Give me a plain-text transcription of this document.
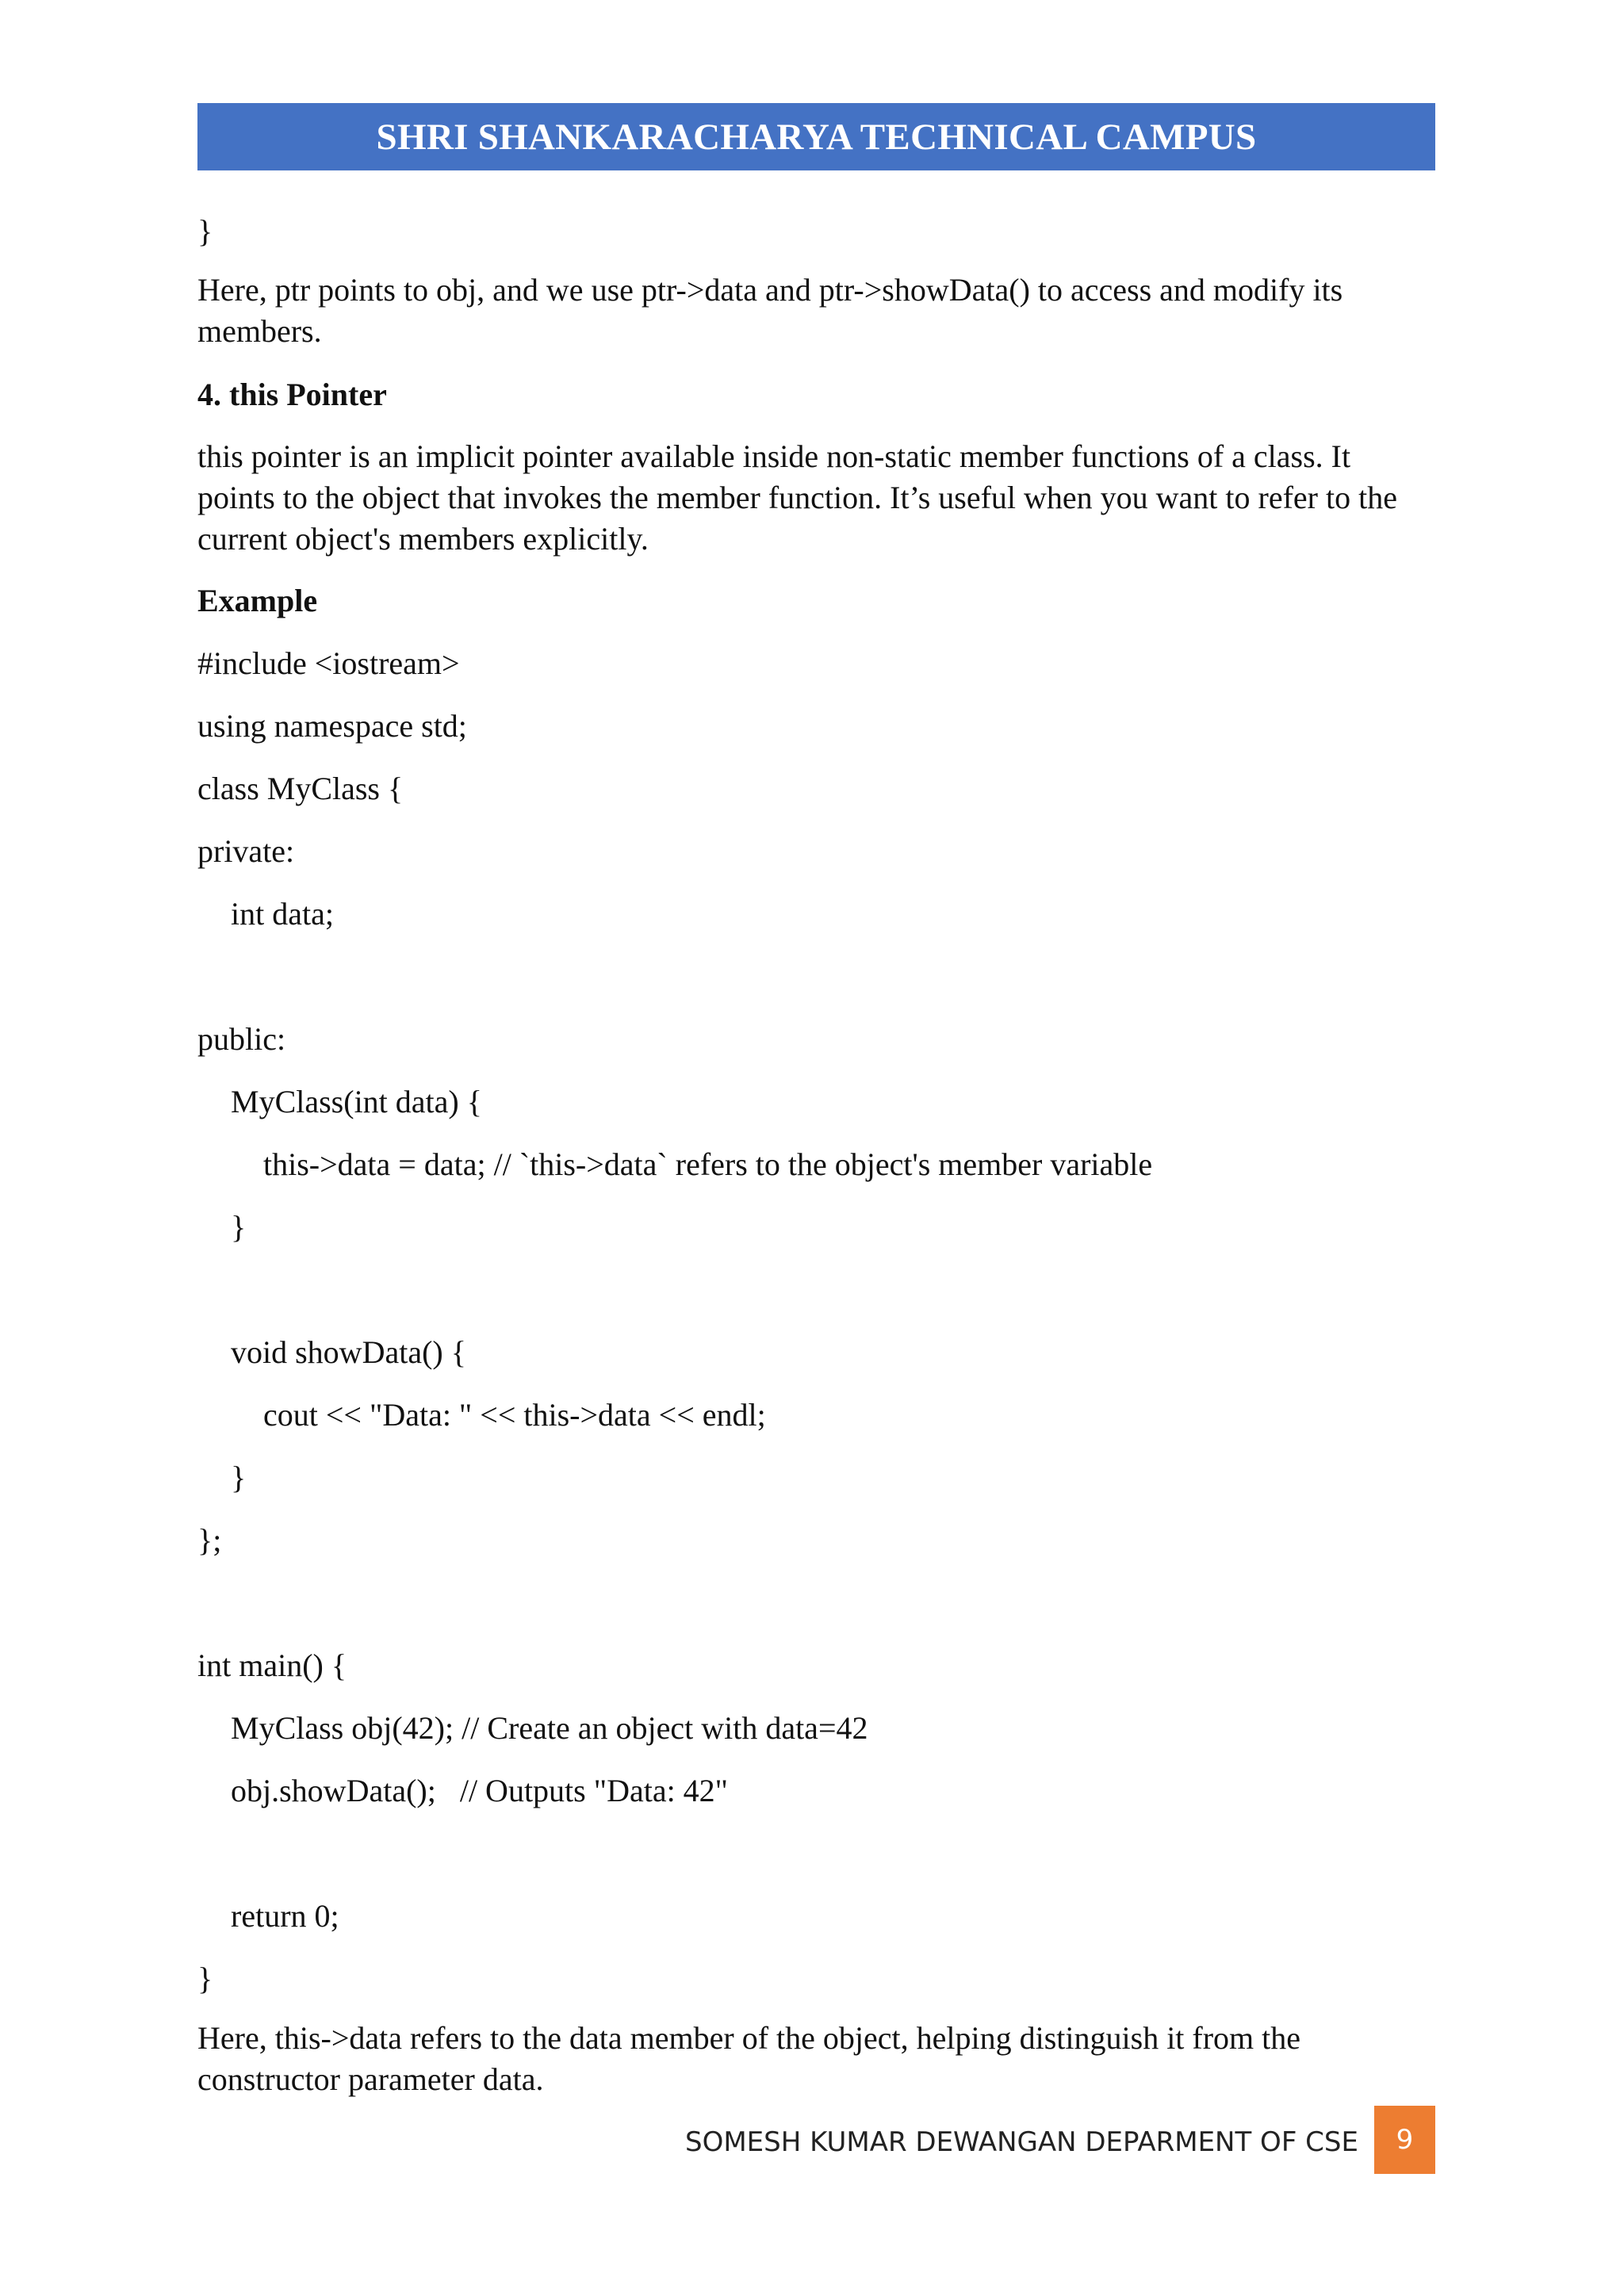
SHRI SHANKARACHARYA TECHNICAL CAMPUS
}
Here, ptr points to obj, and we use ptr->data and ptr->showData() to access and modify its members.
4. this Pointer
this pointer is an implicit pointer available inside non-static member functions of a class. It points to the object that invokes the member function. It’s useful when you want to refer to the current object's members explicitly.
Example
#include <iostream>
using namespace std;
class MyClass {
private:
int data;
public:
MyClass(int data) {
this->data = data; // `this->data` refers to the object's member variable
}
void showData() {
cout << "Data: " << this->data << endl;
}
};
int main() {
MyClass obj(42); // Create an object with data=42
obj.showData();   // Outputs "Data: 42"
return 0;
}
Here, this->data refers to the data member of the object, helping distinguish it from the constructor parameter data.
SOMESH KUMAR DEWANGAN DEPARMENT OF CSE 9
